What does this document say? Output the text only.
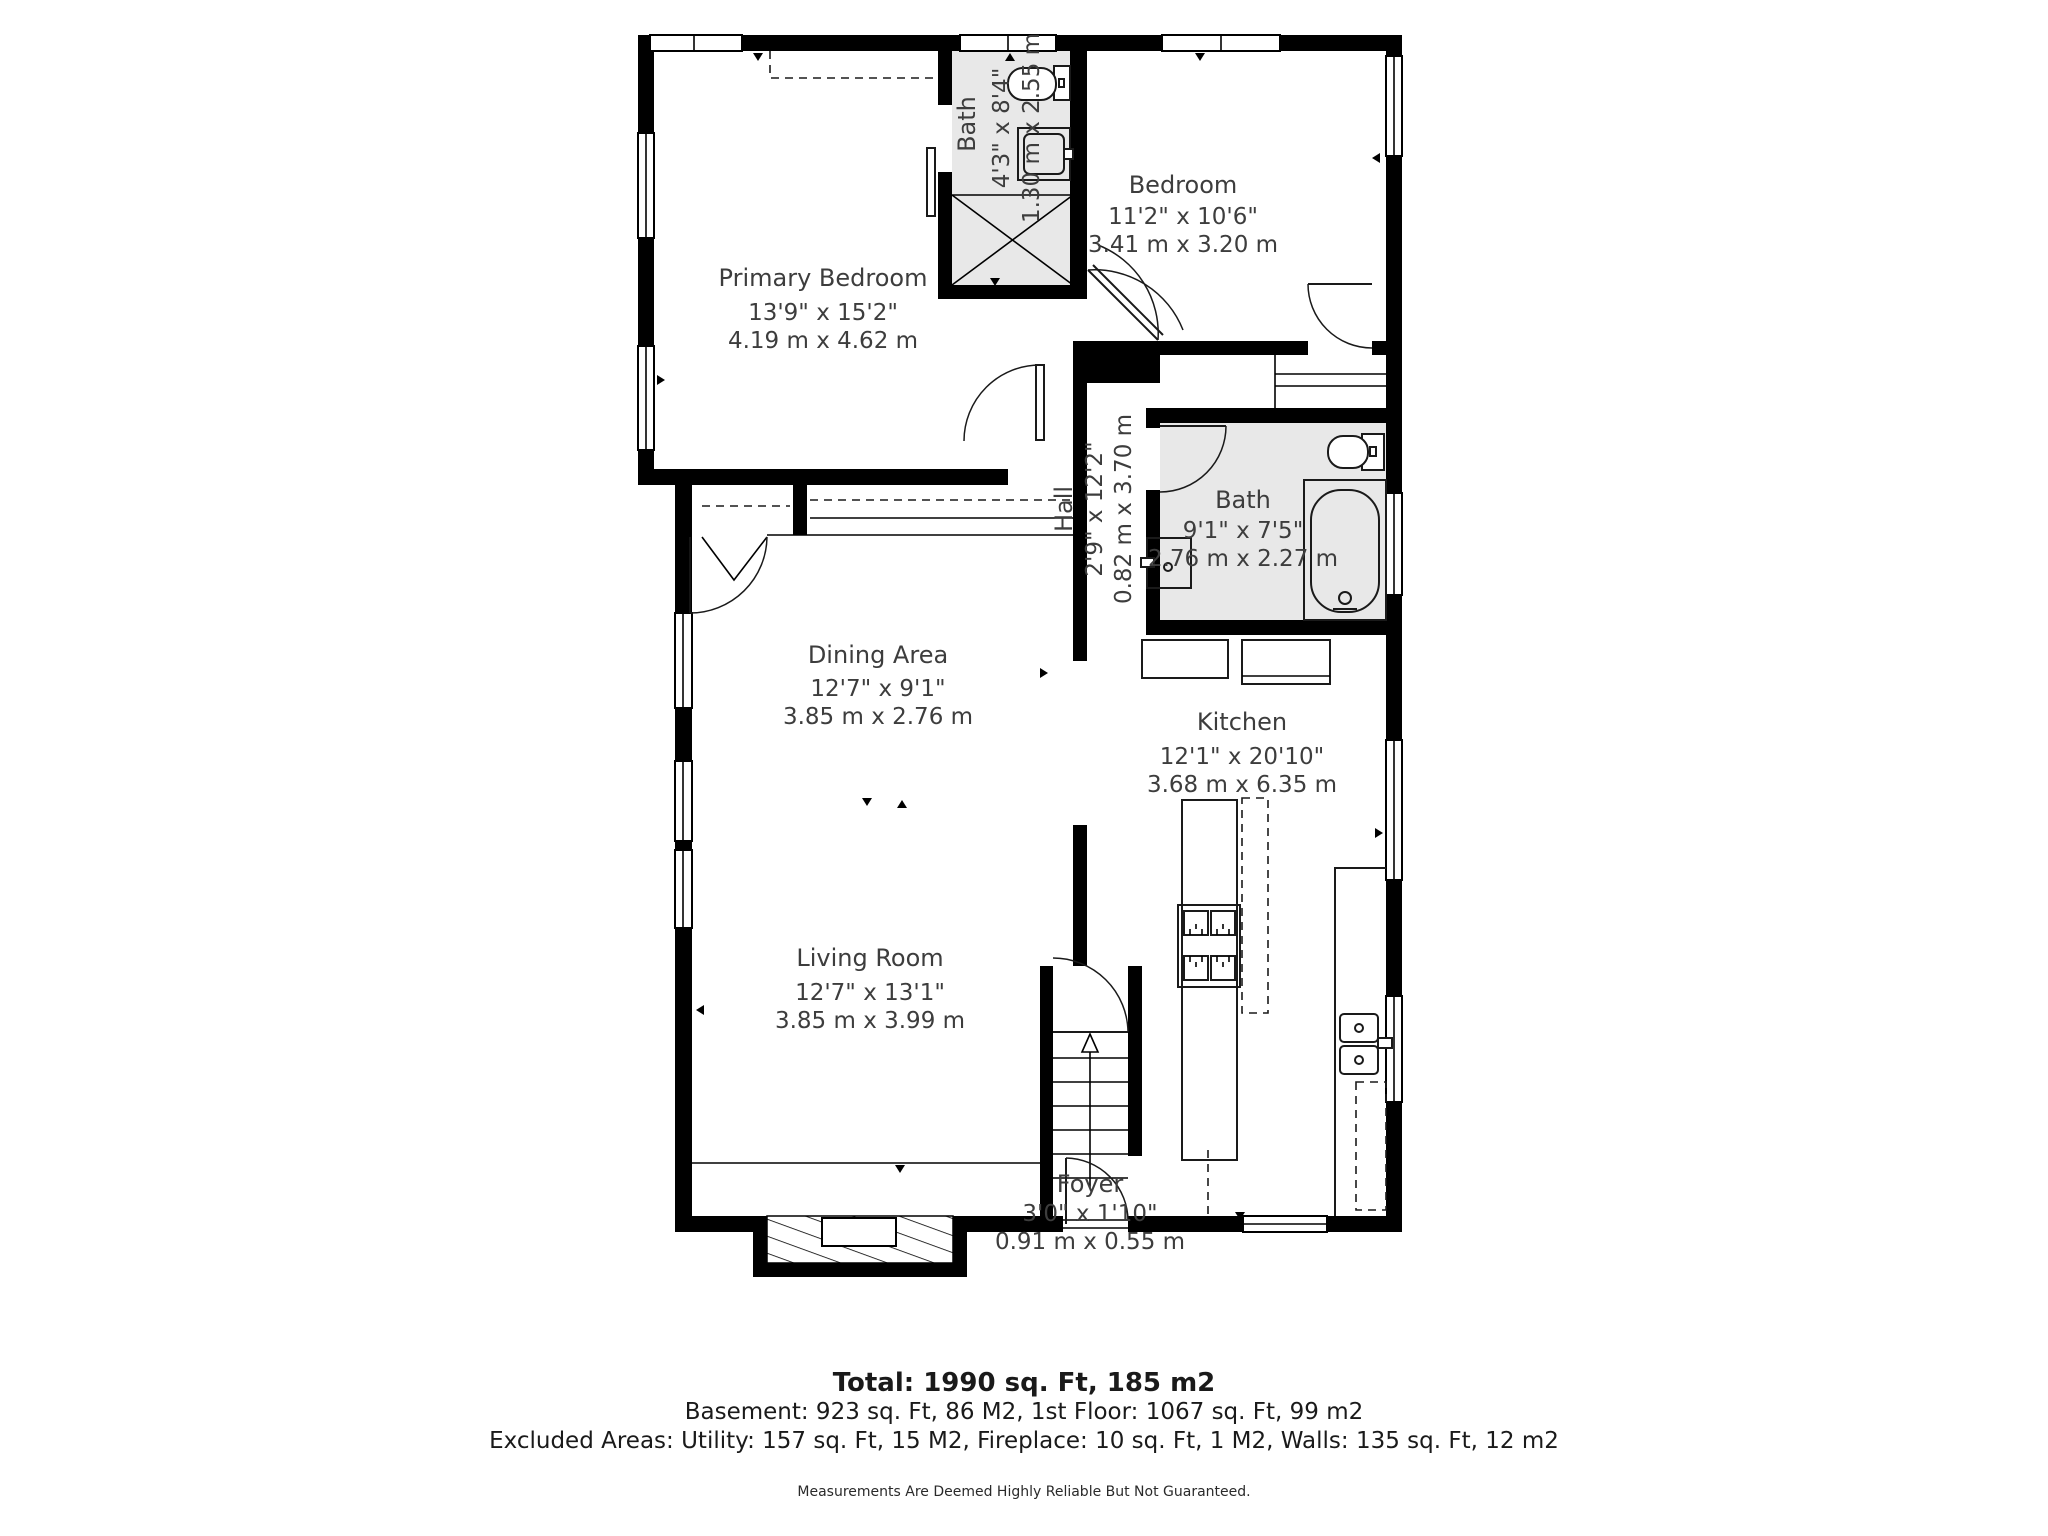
Primary Bedroom
13'9" x 15'2"
4.19 m x 4.62 m
Bath 4'3" x 8'4" 1.30 m x 2.55 m	Bedroom
11'2" x 10'6"
3.41 m x 3.20 m
Hall 2'9" x 12'2" 0.82 m x 3.70 m	Bath
9'1" x 7'5"
2.76 m x 2.27 m
Dining Area
12'7" x 9'1"
3.85 m x 2.76 m	Kitchen
12'1" x 20'10"
3.68 m x 6.35 m
Living Room
12'7" x 13'1"
3.85 m x 3.99 m
Foyer
3'0" x 1'10"
0.91 m x 0.55 m
Total: 1990 sq. Ft, 185 m2
Basement: 923 sq. Ft, 86 M2, 1st Floor: 1067 sq. Ft, 99 m2
Excluded Areas: Utility: 157 sq. Ft, 15 M2, Fireplace: 10 sq. Ft, 1 M2, Walls: 135 sq. Ft, 12 m2
Measurements Are Deemed Highly Reliable But Not Guaranteed.
